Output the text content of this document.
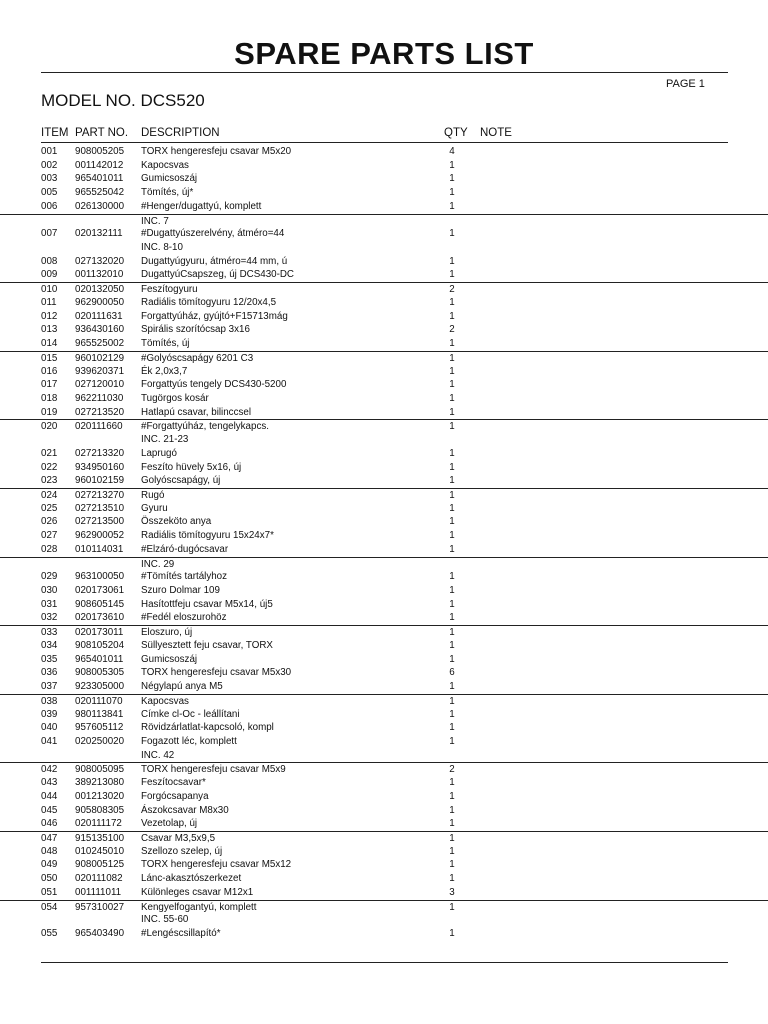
SPARE PARTS LIST
PAGE 1
MODEL NO. DCS520
ITEM PART NO. DESCRIPTION	QTY NOTE
001 908005205 TORX hengeresfeju csavar M5x20	4
002 001142012 Kapocsvas	1
003 965401011 Gumicsoszáj	1
005 965525042 Tömítés, új*	1
006 026130000 #Henger/dugattyú, komplett	1
INC. 7
007 020132111 #Dugattyúszerelvény, átméro=44	1
INC. 8-10
008 027132020 Dugattyúgyuru, átméro=44 mm, ú	1
009 001132010 DugattyúCsapszeg, új DCS430-DC	1
010 020132050 Feszítogyuru	2
011 962900050 Radiális tömítogyuru 12/20x4,5	1
012 020111631 Forgattyúház, gyújtó+F15713mág	1
013 936430160 Spirális szorítócsap 3x16	2
014 965525002 Tömítés, új	1
015 960102129 #Golyóscsapágy 6201 C3	1
016 939620371 Ék 2,0x3,7	1
017 027120010 Forgattyús tengely DCS430-5200	1
018 962211030 Tugörgos kosár	1
019 027213520 Hatlapú csavar, bilinccsel	1
020 020111660 #Forgattyúház, tengelykapcs.	1
INC. 21-23
021 027213320 Laprugó	1
022 934950160 Feszíto hüvely 5x16, új	1
023 960102159 Golyóscsapágy, új	1
024 027213270 Rugó	1
025 027213510 Gyuru	1
026 027213500 Összeköto anya	1
027 962900052 Radiális tömítogyuru 15x24x7*	1
028 010114031 #Elzáró-dugócsavar	1
INC. 29
029 963100050 #Tömítés tartályhoz	1
030 020173061 Szuro Dolmar 109	1
031 908605145 Hasítottfeju csavar M5x14, új5	1
032 020173610 #Fedél eloszurohöz	1
033 020173011 Eloszuro, új	1
034 908105204 Süllyesztett feju csavar, TORX	1
035 965401011 Gumicsoszáj	1
036 908005305 TORX hengeresfeju csavar M5x30	6
037 923305000 Négylapú anya M5	1
038 020111070 Kapocsvas	1
039 980113841 Címke cl-Oc - leállítani	1
040 957605112 Rövidzárlatlat-kapcsoló, kompl	1
041 020250020 Fogazott léc, komplett	1
INC. 42
042 908005095 TORX hengeresfeju csavar M5x9	2
043 389213080 Feszítocsavar*	1
044 001213020 Forgócsapanya	1
045 905808305 Ászokcsavar M8x30	1
046 020111172 Vezetolap, új	1
047 915135100 Csavar M3,5x9,5	1
048 010245010 Szellozo szelep, új	1
049 908005125 TORX hengeresfeju csavar M5x12	1
050 020111082 Lánc-akasztószerkezet	1
051 001111011 Különleges csavar M12x1	3
054 957310027 Kengyelfogantyú, komplett	1
INC. 55-60
055 965403490 #Lengéscsillapító*	1
